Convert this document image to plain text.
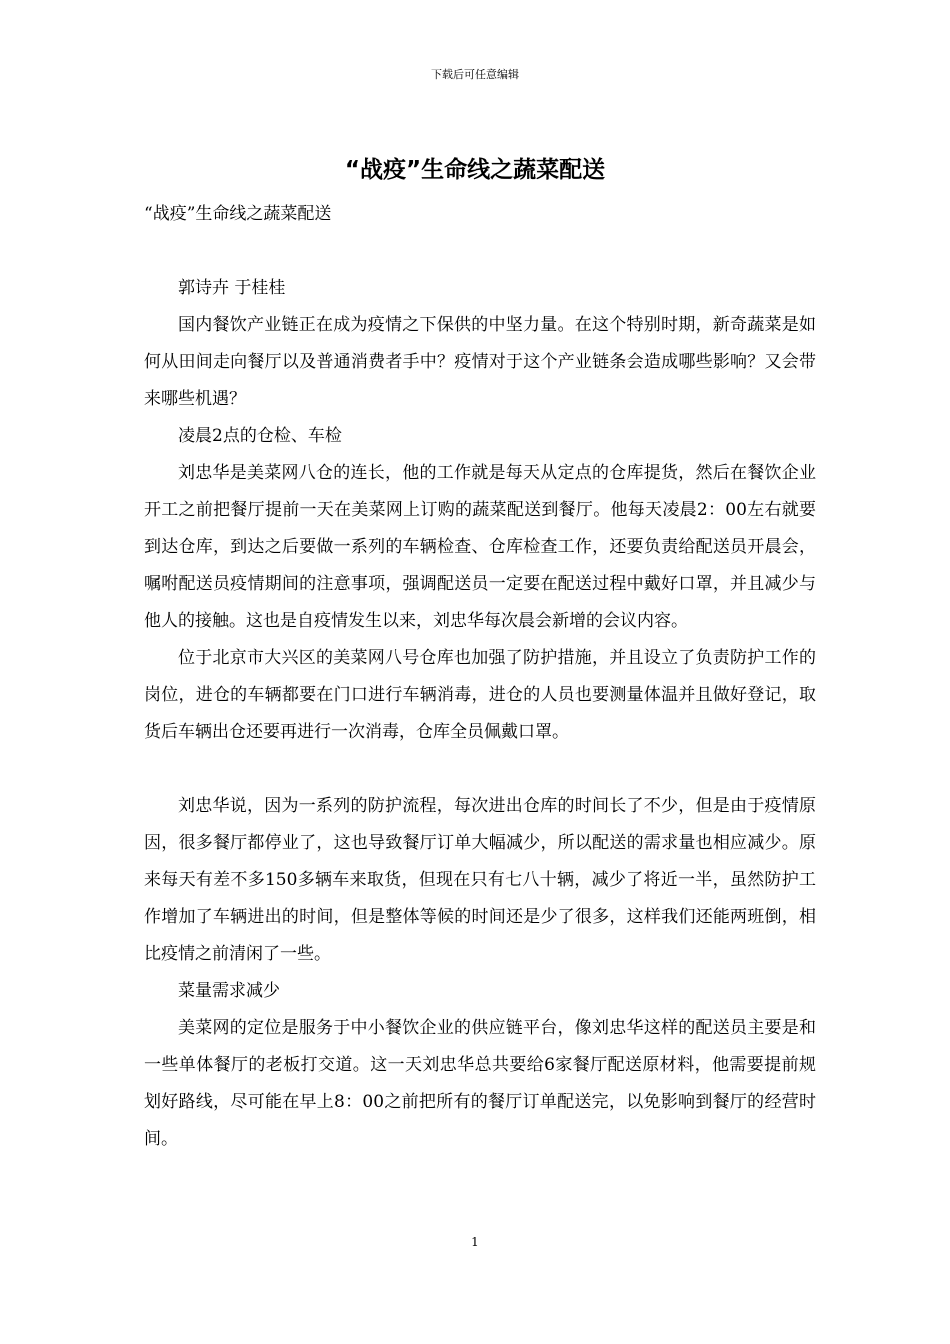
下载后可任意编辑
“战疫”生命线之蔬菜配送

“战疫”生命线之蔬菜配送

郭诗卉 于桂桂

国内餐饮产业链正在成为疫情之下保供的中坚力量。在这个特别时期，新奇蔬菜是如何从田间走向餐厅以及普通消费者手中？疫情对于这个产业链条会造成哪些影响？又会带来哪些机遇？

凌晨2点的仓检、车检

刘忠华是美菜网八仓的连长，他的工作就是每天从定点的仓库提货，然后在餐饮企业开工之前把餐厅提前一天在美菜网上订购的蔬菜配送到餐厅。他每天凌晨2：00左右就要到达仓库，到达之后要做一系列的车辆检查、仓库检查工作，还要负责给配送员开晨会，嘱咐配送员疫情期间的注意事项，强调配送员一定要在配送过程中戴好口罩，并且减少与他人的接触。这也是自疫情发生以来，刘忠华每次晨会新增的会议内容。

位于北京市大兴区的美菜网八号仓库也加强了防护措施，并且设立了负责防护工作的岗位，进仓的车辆都要在门口进行车辆消毒，进仓的人员也要测量体温并且做好登记，取货后车辆出仓还要再进行一次消毒，仓库全员佩戴口罩。

刘忠华说，因为一系列的防护流程，每次进出仓库的时间长了不少，但是由于疫情原因，很多餐厅都停业了，这也导致餐厅订单大幅减少，所以配送的需求量也相应减少。原来每天有差不多150多辆车来取货，但现在只有七八十辆，减少了将近一半，虽然防护工作增加了车辆进出的时间，但是整体等候的时间还是少了很多，这样我们还能两班倒，相比疫情之前清闲了一些。

菜量需求减少

美菜网的定位是服务于中小餐饮企业的供应链平台，像刘忠华这样的配送员主要是和一些单体餐厅的老板打交道。这一天刘忠华总共要给6家餐厅配送原材料，他需要提前规划好路线，尽可能在早上8：00之前把所有的餐厅订单配送完，以免影响到餐厅的经营时间。

1
